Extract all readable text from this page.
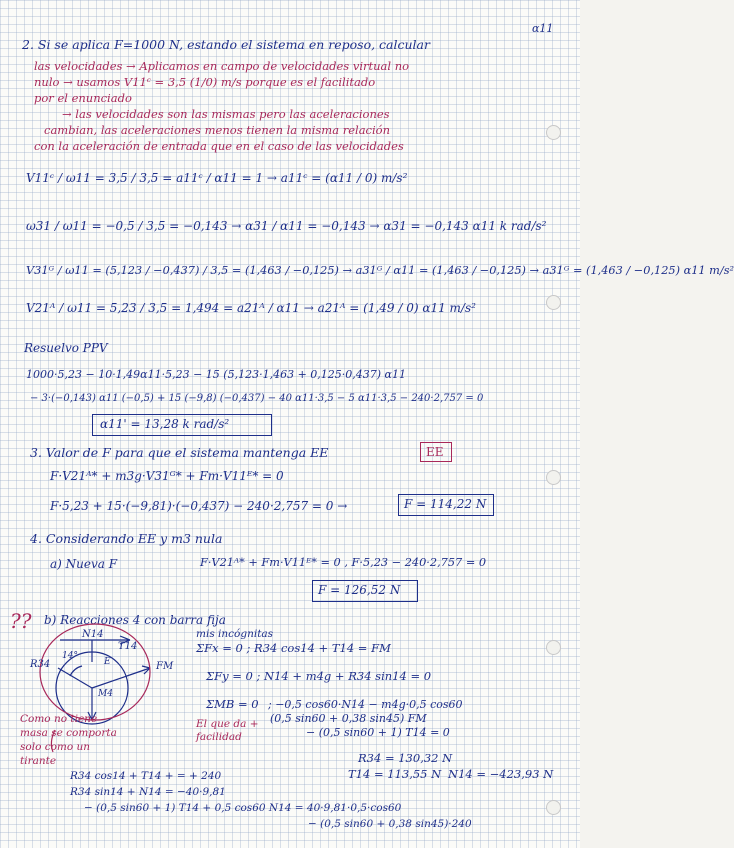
α11
2. Si se aplica F=1000 N, estando el sistema en reposo, calcular
las velocidades → Aplicamos en campo de velocidades virtual no
nulo → usamos V11ᶜ = 3,5 (1/0) m/s porque es el facilitado
por el enunciado
→ las velocidades son las mismas pero las aceleraciones
cambian, las aceleraciones menos tienen la misma relación
con la aceleración de entrada que en el caso de las velocidades
V11ᶜ / ω11 = 3,5 / 3,5 = a11ᶜ / α11 = 1 → a11ᶜ = (α11 / 0) m/s²
ω31 / ω11 = −0,5 / 3,5 = −0,143 → α31 / α11 = −0,143 → α31 = −0,143 α11 k rad/s²
V31ᴳ / ω11 = (5,123 / −0,437) / 3,5 = (1,463 / −0,125) → a31ᴳ / α11 = (1,463 / −0,125) → a31ᴳ = (1,463 / −0,125) α11 m/s²
V21ᴬ / ω11 = 5,23 / 3,5 = 1,494 = a21ᴬ / α11 → a21ᴬ = (1,49 / 0) α11 m/s²
Resuelvo PPV
1000·5,23 − 10·1,49α11·5,23 − 15 (5,123·1,463 + 0,125·0,437) α11
− 3·(−0,143) α11 (−0,5) + 15 (−9,8) (−0,437) − 40 α11·3,5 − 5 α11·3,5 − 240·2,757 = 0
α11' = 13,28 k rad/s²
3. Valor de F para que el sistema mantenga EE	EE
F·V21ᴬ* + m3g·V31ᴳ* + Fm·V11ᴱ* = 0
F·5,23 + 15·(−9,81)·(−0,437) − 240·2,757 = 0 →	F = 114,22 N
4. Considerando EE y m3 nula
a) Nueva F	F·V21ᴬ* + Fm·V11ᴱ* = 0 , F·5,23 − 240·2,757 = 0
F = 126,52 N
?? b) Reacciones 4 con barra fija
mis incógnitas
N14
T14
R34
14°
FM
M4
E
Como no tiene masa se comporta solo como un tirante
ΣFx = 0 ; R34 cos14 + T14 = FM
ΣFy = 0 ; N14 + m4g + R34 sin14 = 0
ΣMB = 0 ; −0,5 cos60·N14 − m4g·0,5 cos60
(0,5 sin60 + 0,38 sin45) FM
− (0,5 sin60 + 1) T14 = 0
El que da + facilidad
R34 = 130,32 N
T14 = 113,55 N N14 = −423,93 N
R34 cos14 + T14 + = + 240
R34 sin14 + N14 = −40·9,81
− (0,5 sin60 + 1) T14 + 0,5 cos60 N14 = 40·9,81·0,5·cos60
− (0,5 sin60 + 0,38 sin45)·240
